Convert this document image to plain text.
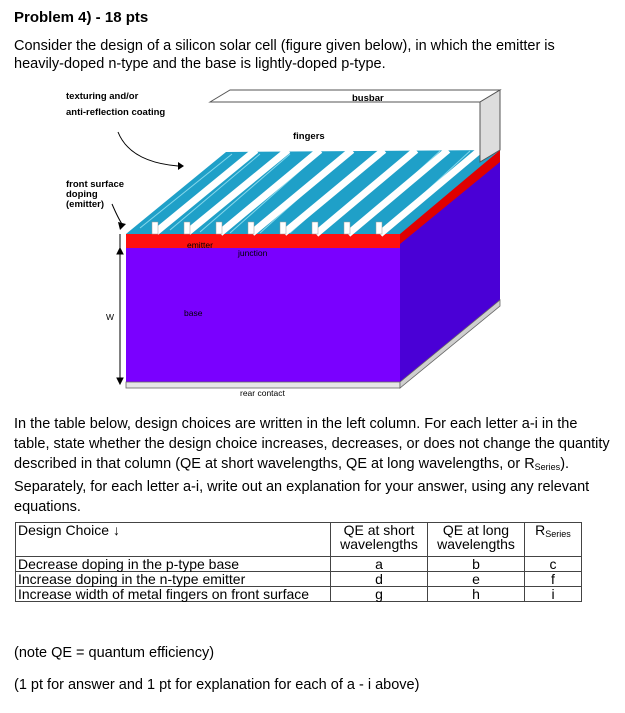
Problem 4) - 18 pts
Consider the design of a silicon solar cell (figure given below), in which the emitter is heavily-doped n-type and the base is lightly-doped p-type.
texturing and/or
anti-reflection coating
busbar
fingers
front surface
doping
(emitter)
emitter
junction
base
rear contact
W
In the table below, design choices are written in the left column. For each letter a-i in the table, state whether the design choice increases, decreases, or does not change the quantity described in that column (QE at short wavelengths, QE at long wavelengths, or $R_{Series}$). Separately, for each letter a-i, write out an explanation for your answer, using any relevant equations.
Design Choice ↓	QE at short wavelengths	QE at long wavelengths	$R_{Series}$
Decrease doping in the p-type base	a	b	c
Increase doping in the n-type emitter	d	e	f
Increase width of metal fingers on front surface	g	h	i
(note QE = quantum efficiency)
(1 pt for answer and 1 pt for explanation for each of a - i above)
